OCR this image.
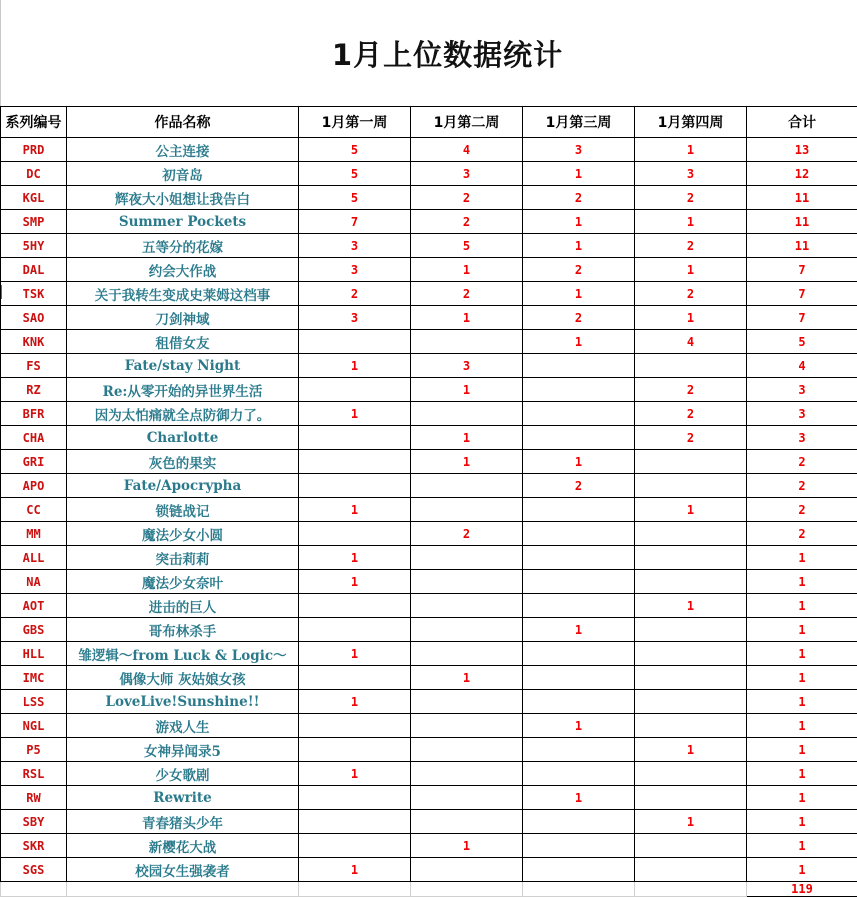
1月上位数据统计
系列编号	作品名称	1月第一周	1月第二周	1月第三周	1月第四周	合计
PRD	公主连接	5	4	3	1	13
DC	初音岛	5	3	1	3	12
KGL	辉夜大小姐想让我告白	5	2	2	2	11
SMP	Summer Pockets	7	2	1	1	11
5HY	五等分的花嫁	3	5	1	2	11
DAL	约会大作战	3	1	2	1	7
TSK	关于我转生变成史莱姆这档事	2	2	1	2	7
SAO	刀剑神域	3	1	2	1	7
KNK	租借女友			1	4	5
FS	Fate/stay Night	1	3			4
RZ	Re:从零开始的异世界生活		1		2	3
BFR	因为太怕痛就全点防御力了。	1			2	3
CHA	Charlotte		1		2	3
GRI	灰色的果实		1	1		2
APO	Fate/Apocrypha			2		2
CC	锁链战记	1			1	2
MM	魔法少女小圆		2			2
ALL	突击莉莉	1				1
NA	魔法少女奈叶	1				1
AOT	进击的巨人				1	1
GBS	哥布林杀手			1		1
HLL	雏逻辑～from Luck & Logic～	1				1
IMC	偶像大师 灰姑娘女孩		1			1
LSS	LoveLive!Sunshine!!	1				1
NGL	游戏人生			1		1
P5	女神异闻录5				1	1
RSL	少女歌剧	1				1
RW	Rewrite			1		1
SBY	青春猪头少年				1	1
SKR	新樱花大战		1			1
SGS	校园女生强袭者	1				1
						119
